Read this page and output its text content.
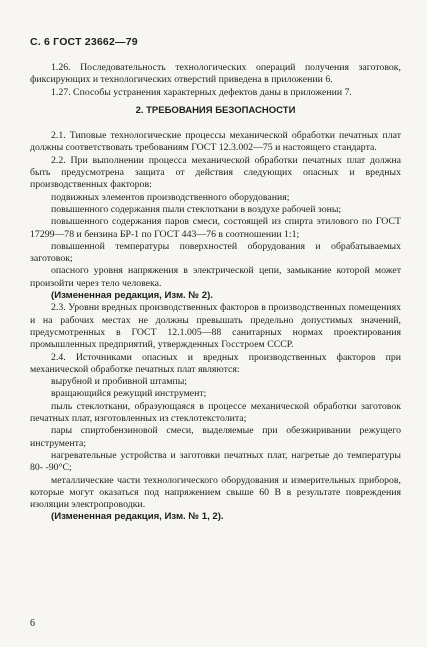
С. 6 ГОСТ 23662—79

1.26. Последовательность технологических операций получения заготовок, фиксирующих и технологических отверстий приведена в приложении 6.

1.27. Способы устранения характерных дефектов даны в приложении 7.

2. ТРЕБОВАНИЯ БЕЗОПАСНОСТИ

2.1. Типовые технологические процессы механической обработки печатных плат должны соответствовать требованиям ГОСТ 12.3.002—75 и настоящего стандарта.

2.2. При выполнении процесса механической обработки печатных плат должна быть предусмотрена защита от действия следующих опасных и вредных производственных факторов:

подвижных элементов производственного оборудования;

повышенного содержания пыли стеклоткани в воздухе рабочей зоны;

повышенного содержания паров смеси, состоящей из спирта этилового по ГОСТ 17299—78 и бензина БР-1 по ГОСТ 443—76 в соотношении 1:1;

повышенной температуры поверхностей оборудования и обрабатываемых заготовок;

опасного уровня напряжения в электрической цепи, замыкание которой может произойти через тело человека.

(Измененная редакция, Изм. № 2).

2.3. Уровни вредных производственных факторов в производственных помещениях и на рабочих местах не должны превышать предельно допустимых значений, предусмотренных в ГОСТ 12.1.005—88 санитарных нормах проектирования промышленных предприятий, утвержденных Госстроем СССР.

2.4. Источниками опасных и вредных производственных факторов при механической обработке печатных плат являются:

вырубной и пробивной штампы;

вращающийся режущий инструмент;

пыль стеклоткани, образующаяся в процессе механической обработки заготовок печатных плат, изготовленных из стеклотекстолита;

пары спиртобензиновой смеси, выделяемые при обезжиривании режущего инструмента;

нагревательные устройства и заготовки печатных плат, нагретые до температуры 80- -90°С;

металлические части технологического оборудования и измерительных приборов, которые могут оказаться под напряжением свыше 60 В в результате повреждения изоляции электропроводки.

(Измененная редакция, Изм. № 1, 2).

6
